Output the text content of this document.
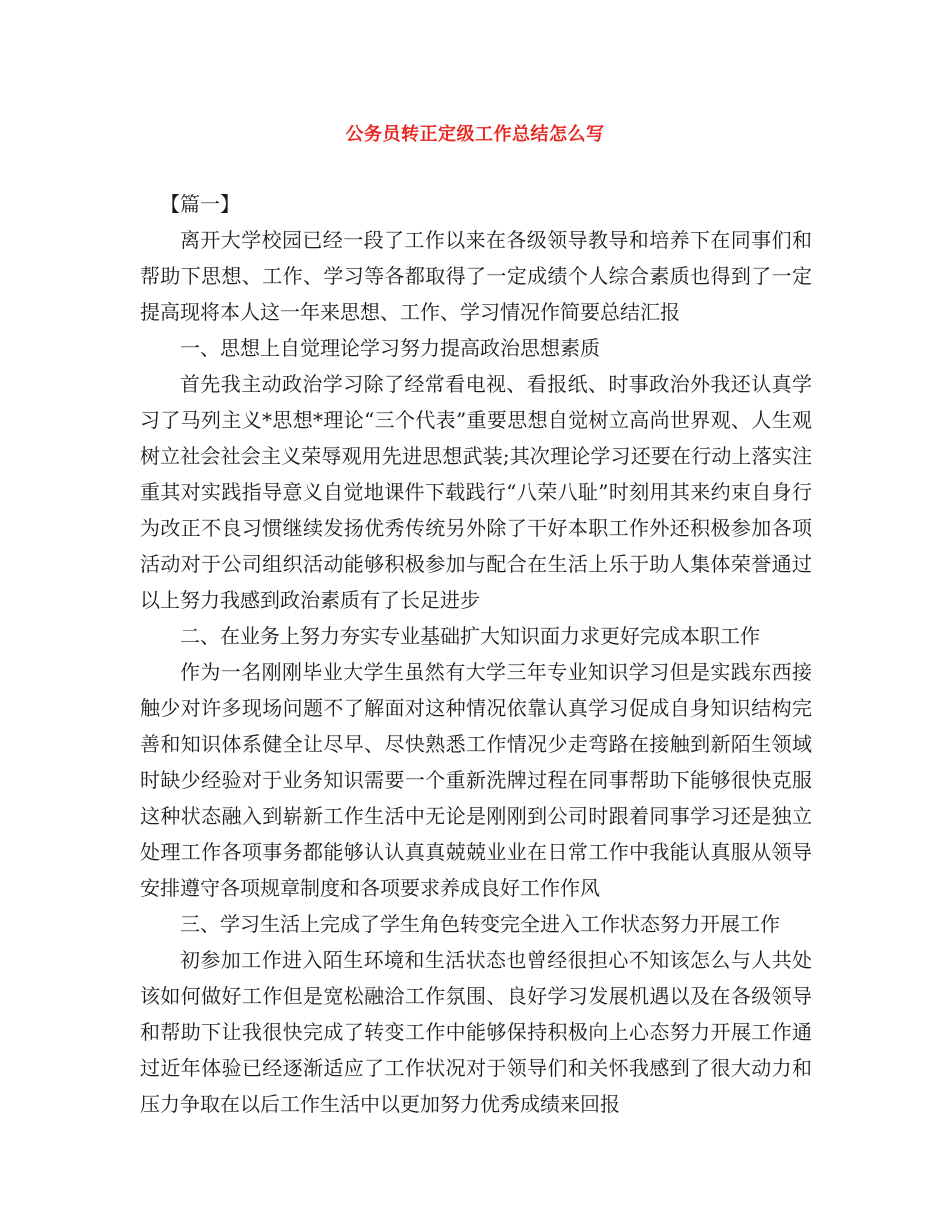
公务员转正定级工作总结怎么写

【篇一】

离开大学校园已经一段了工作以来在各级领导教导和培养下在同事们和帮助下思想、工作、学习等各都取得了一定成绩个人综合素质也得到了一定提高现将本人这一年来思想、工作、学习情况作简要总结汇报

一、思想上自觉理论学习努力提高政治思想素质

首先我主动政治学习除了经常看电视、看报纸、时事政治外我还认真学习了马列主义*思想*理论“三个代表”重要思想自觉树立高尚世界观、人生观树立社会社会主义荣辱观用先进思想武装;其次理论学习还要在行动上落实注重其对实践指导意义自觉地课件下载践行“八荣八耻”时刻用其来约束自身行为改正不良习惯继续发扬优秀传统另外除了干好本职工作外还积极参加各项活动对于公司组织活动能够积极参加与配合在生活上乐于助人集体荣誉通过以上努力我感到政治素质有了长足进步

二、在业务上努力夯实专业基础扩大知识面力求更好完成本职工作

作为一名刚刚毕业大学生虽然有大学三年专业知识学习但是实践东西接触少对许多现场问题不了解面对这种情况依靠认真学习促成自身知识结构完善和知识体系健全让尽早、尽快熟悉工作情况少走弯路在接触到新陌生领域时缺少经验对于业务知识需要一个重新洗牌过程在同事帮助下能够很快克服这种状态融入到崭新工作生活中无论是刚刚到公司时跟着同事学习还是独立处理工作各项事务都能够认认真真兢兢业业在日常工作中我能认真服从领导安排遵守各项规章制度和各项要求养成良好工作作风

三、学习生活上完成了学生角色转变完全进入工作状态努力开展工作

初参加工作进入陌生环境和生活状态也曾经很担心不知该怎么与人共处该如何做好工作但是宽松融洽工作氛围、良好学习发展机遇以及在各级领导和帮助下让我很快完成了转变工作中能够保持积极向上心态努力开展工作通过近年体验已经逐渐适应了工作状况对于领导们和关怀我感到了很大动力和压力争取在以后工作生活中以更加努力优秀成绩来回报
